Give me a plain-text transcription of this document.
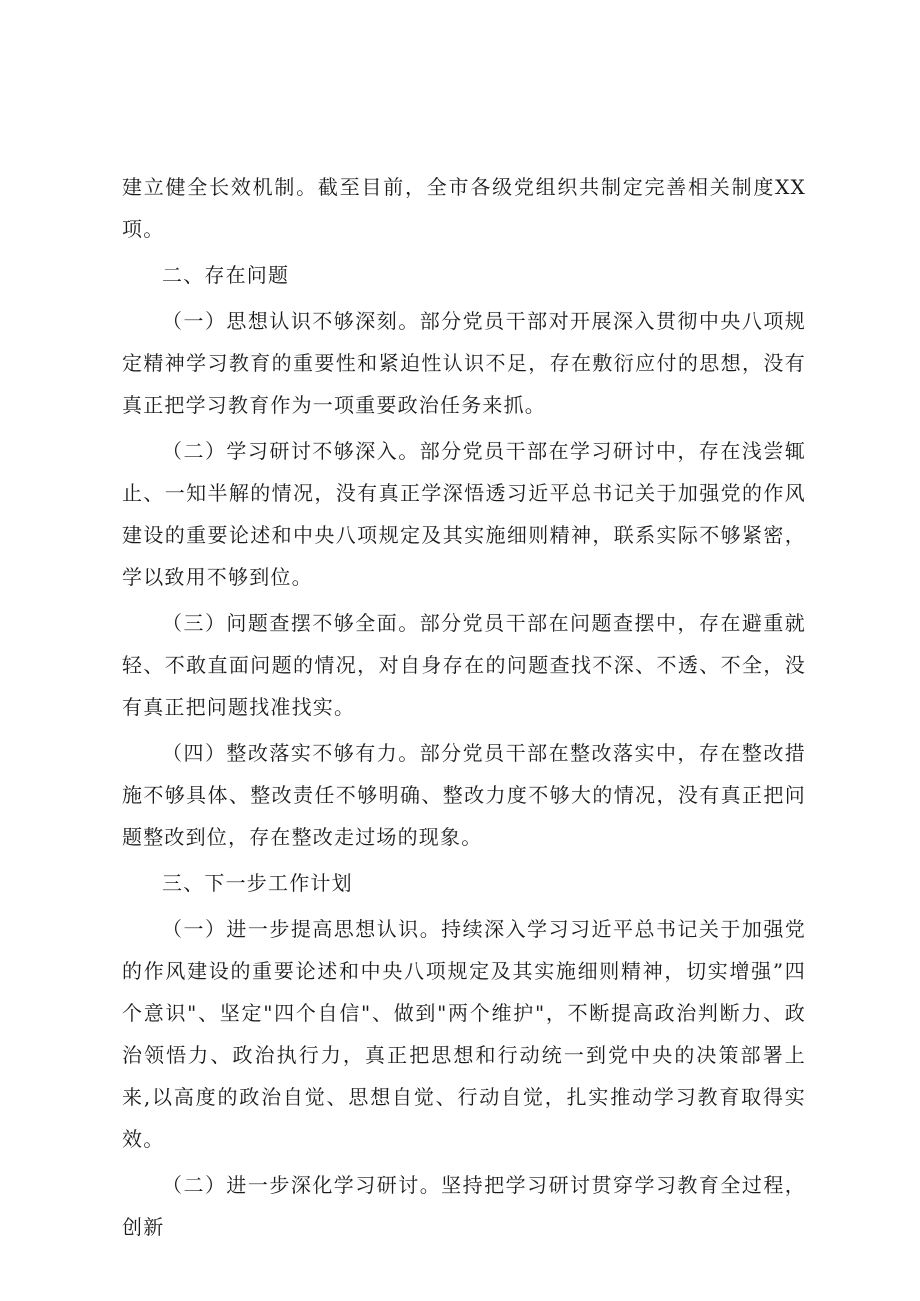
建立健全长效机制。截至目前，全市各级党组织共制定完善相关制度XX项。

二、存在问题

（一）思想认识不够深刻。部分党员干部对开展深入贯彻中央八项规定精神学习教育的重要性和紧迫性认识不足，存在敷衍应付的思想，没有真正把学习教育作为一项重要政治任务来抓。

（二）学习研讨不够深入。部分党员干部在学习研讨中，存在浅尝辄止、一知半解的情况，没有真正学深悟透习近平总书记关于加强党的作风建设的重要论述和中央八项规定及其实施细则精神，联系实际不够紧密，学以致用不够到位。

（三）问题查摆不够全面。部分党员干部在问题查摆中，存在避重就轻、不敢直面问题的情况，对自身存在的问题查找不深、不透、不全，没有真正把问题找准找实。

（四）整改落实不够有力。部分党员干部在整改落实中，存在整改措施不够具体、整改责任不够明确、整改力度不够大的情况，没有真正把问题整改到位，存在整改走过场的现象。

三、下一步工作计划

（一）进一步提高思想认识。持续深入学习习近平总书记关于加强党的作风建设的重要论述和中央八项规定及其实施细则精神，切实增强”四个意识"、坚定"四个自信"、做到"两个维护"，不断提高政治判断力、政治领悟力、政治执行力，真正把思想和行动统一到党中央的决策部署上来,以高度的政治自觉、思想自觉、行动自觉，扎实推动学习教育取得实效。

（二）进一步深化学习研讨。坚持把学习研讨贯穿学习教育全过程，创新
